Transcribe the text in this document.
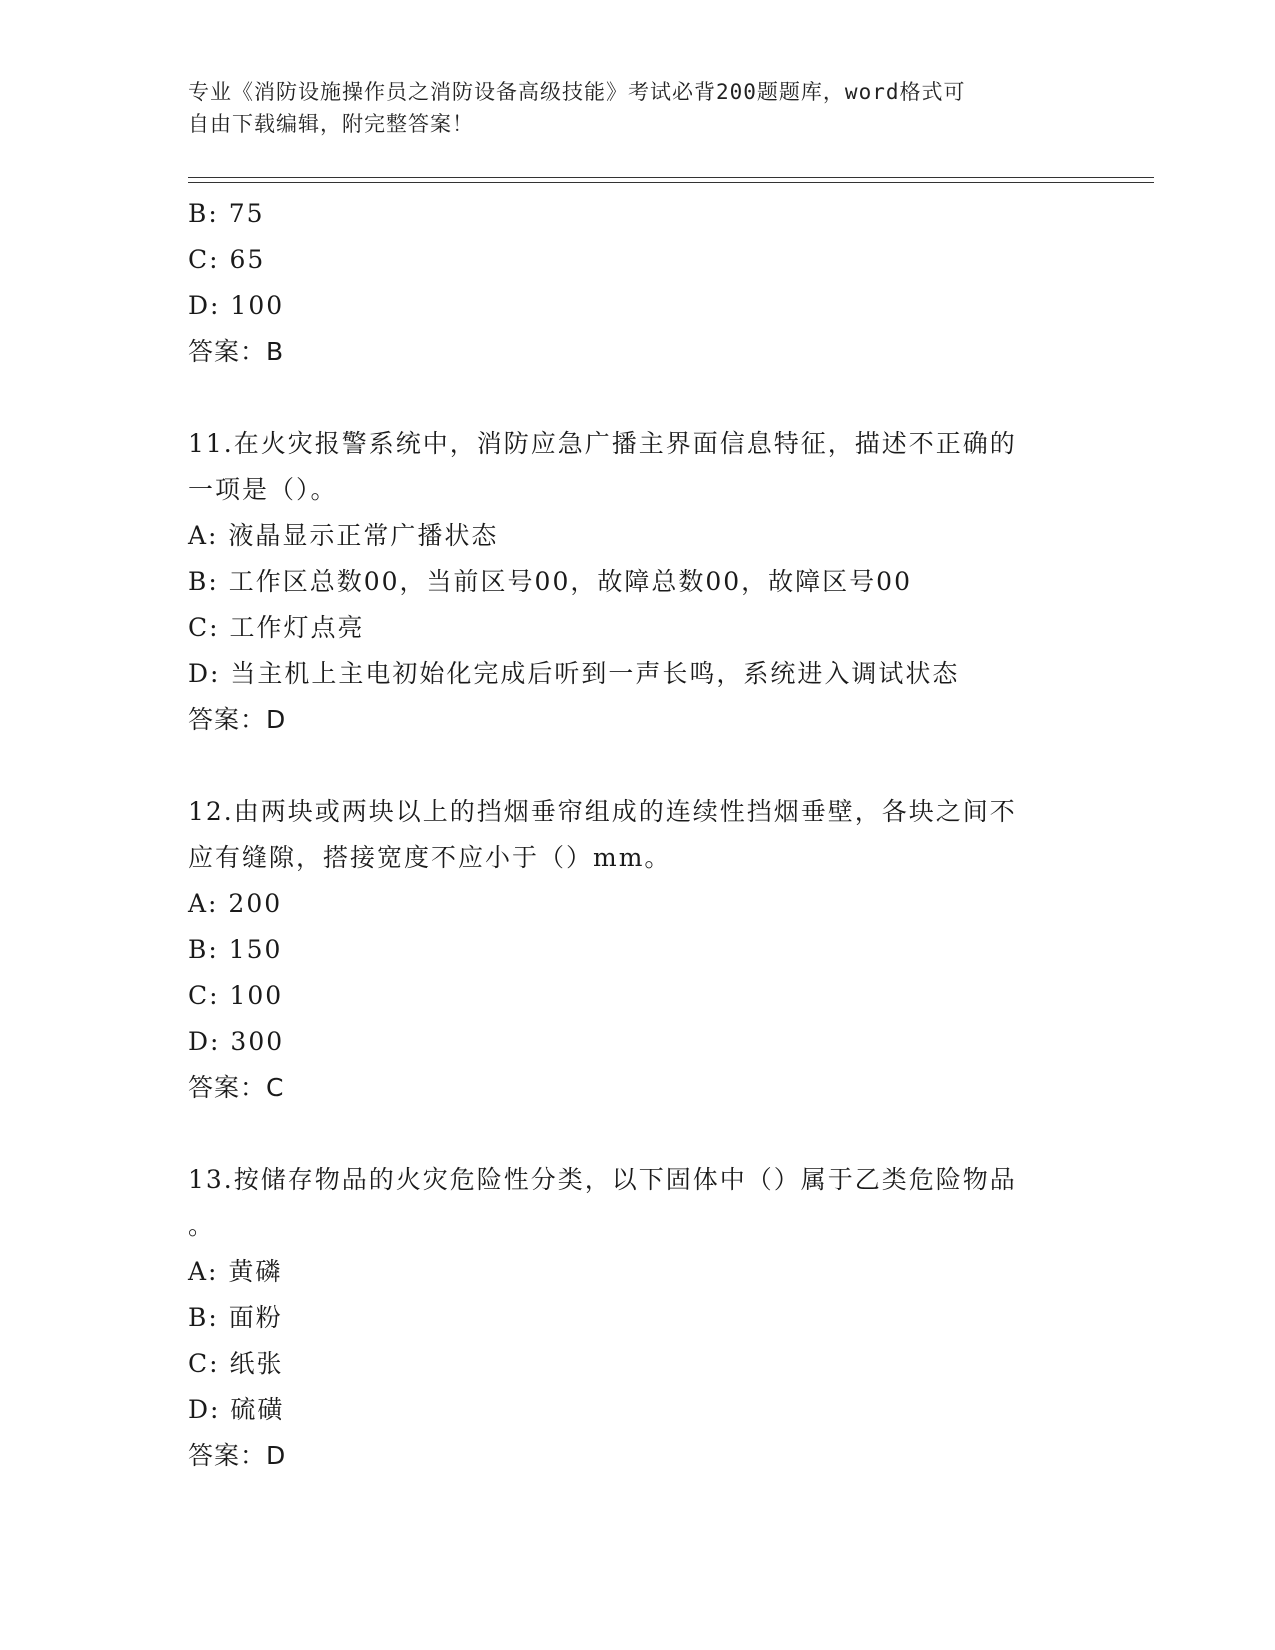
专业《消防设施操作员之消防设备高级技能》考试必背200题题库，word格式可
自由下载编辑，附完整答案！
B: 75
C: 65
D: 100
答案：B
11.在火灾报警系统中，消防应急广播主界面信息特征，描述不正确的
一项是（）。
A: 液晶显示正常广播状态
B: 工作区总数00，当前区号00，故障总数00，故障区号00
C: 工作灯点亮
D: 当主机上主电初始化完成后听到一声长鸣，系统进入调试状态
答案：D
12.由两块或两块以上的挡烟垂帘组成的连续性挡烟垂壁，各块之间不
应有缝隙，搭接宽度不应小于（）mm。
A: 200
B: 150
C: 100
D: 300
答案：C
13.按储存物品的火灾危险性分类，以下固体中（）属于乙类危险物品
。
A: 黄磷
B: 面粉
C: 纸张
D: 硫磺
答案：D
